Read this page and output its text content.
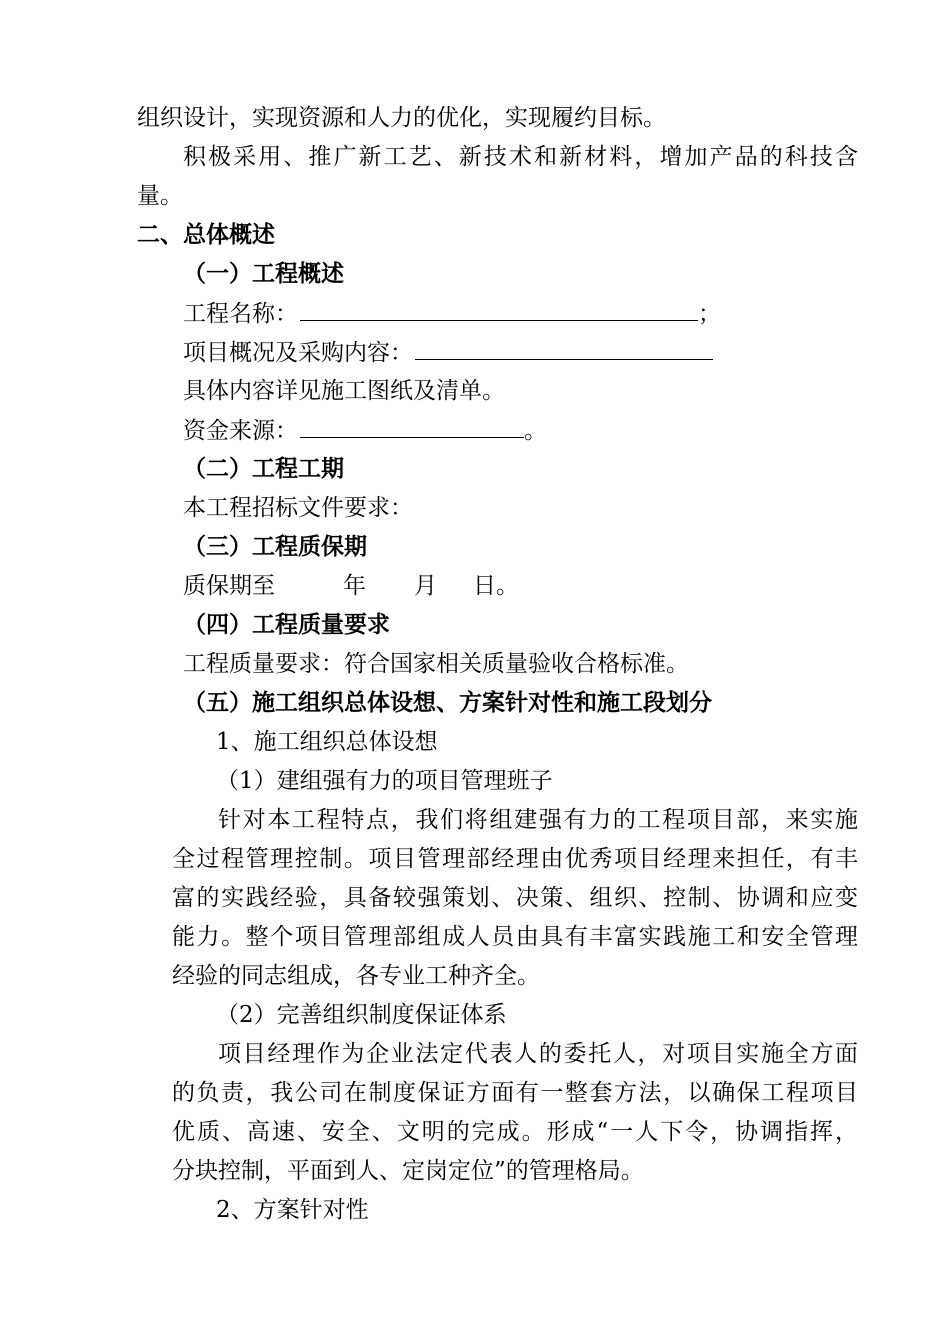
组织设计，实现资源和人力的优化，实现履约目标。
积极采用、推广新工艺、新技术和新材料，增加产品的科技含
量。
二、总体概述
（一）工程概述
工程名称：	；
项目概况及采购内容：
具体内容详见施工图纸及清单。
资金来源：	。
（二）工程工期
本工程招标文件要求：
（三）工程质保期
质保期至	年 月 日。
（四）工程质量要求
工程质量要求：符合国家相关质量验收合格标准。
（五）施工组织总体设想、方案针对性和施工段划分
1、施工组织总体设想
（1）建组强有力的项目管理班子
针对本工程特点，我们将组建强有力的工程项目部，来实施
全过程管理控制。项目管理部经理由优秀项目经理来担任，有丰
富的实践经验，具备较强策划、决策、组织、控制、协调和应变
能力。整个项目管理部组成人员由具有丰富实践施工和安全管理
经验的同志组成，各专业工种齐全。
（2）完善组织制度保证体系
项目经理作为企业法定代表人的委托人，对项目实施全方面
的负责，我公司在制度保证方面有一整套方法，以确保工程项目
优质、高速、安全、文明的完成。形成“一人下令，协调指挥，
分块控制，平面到人、定岗定位”的管理格局。
2、方案针对性
